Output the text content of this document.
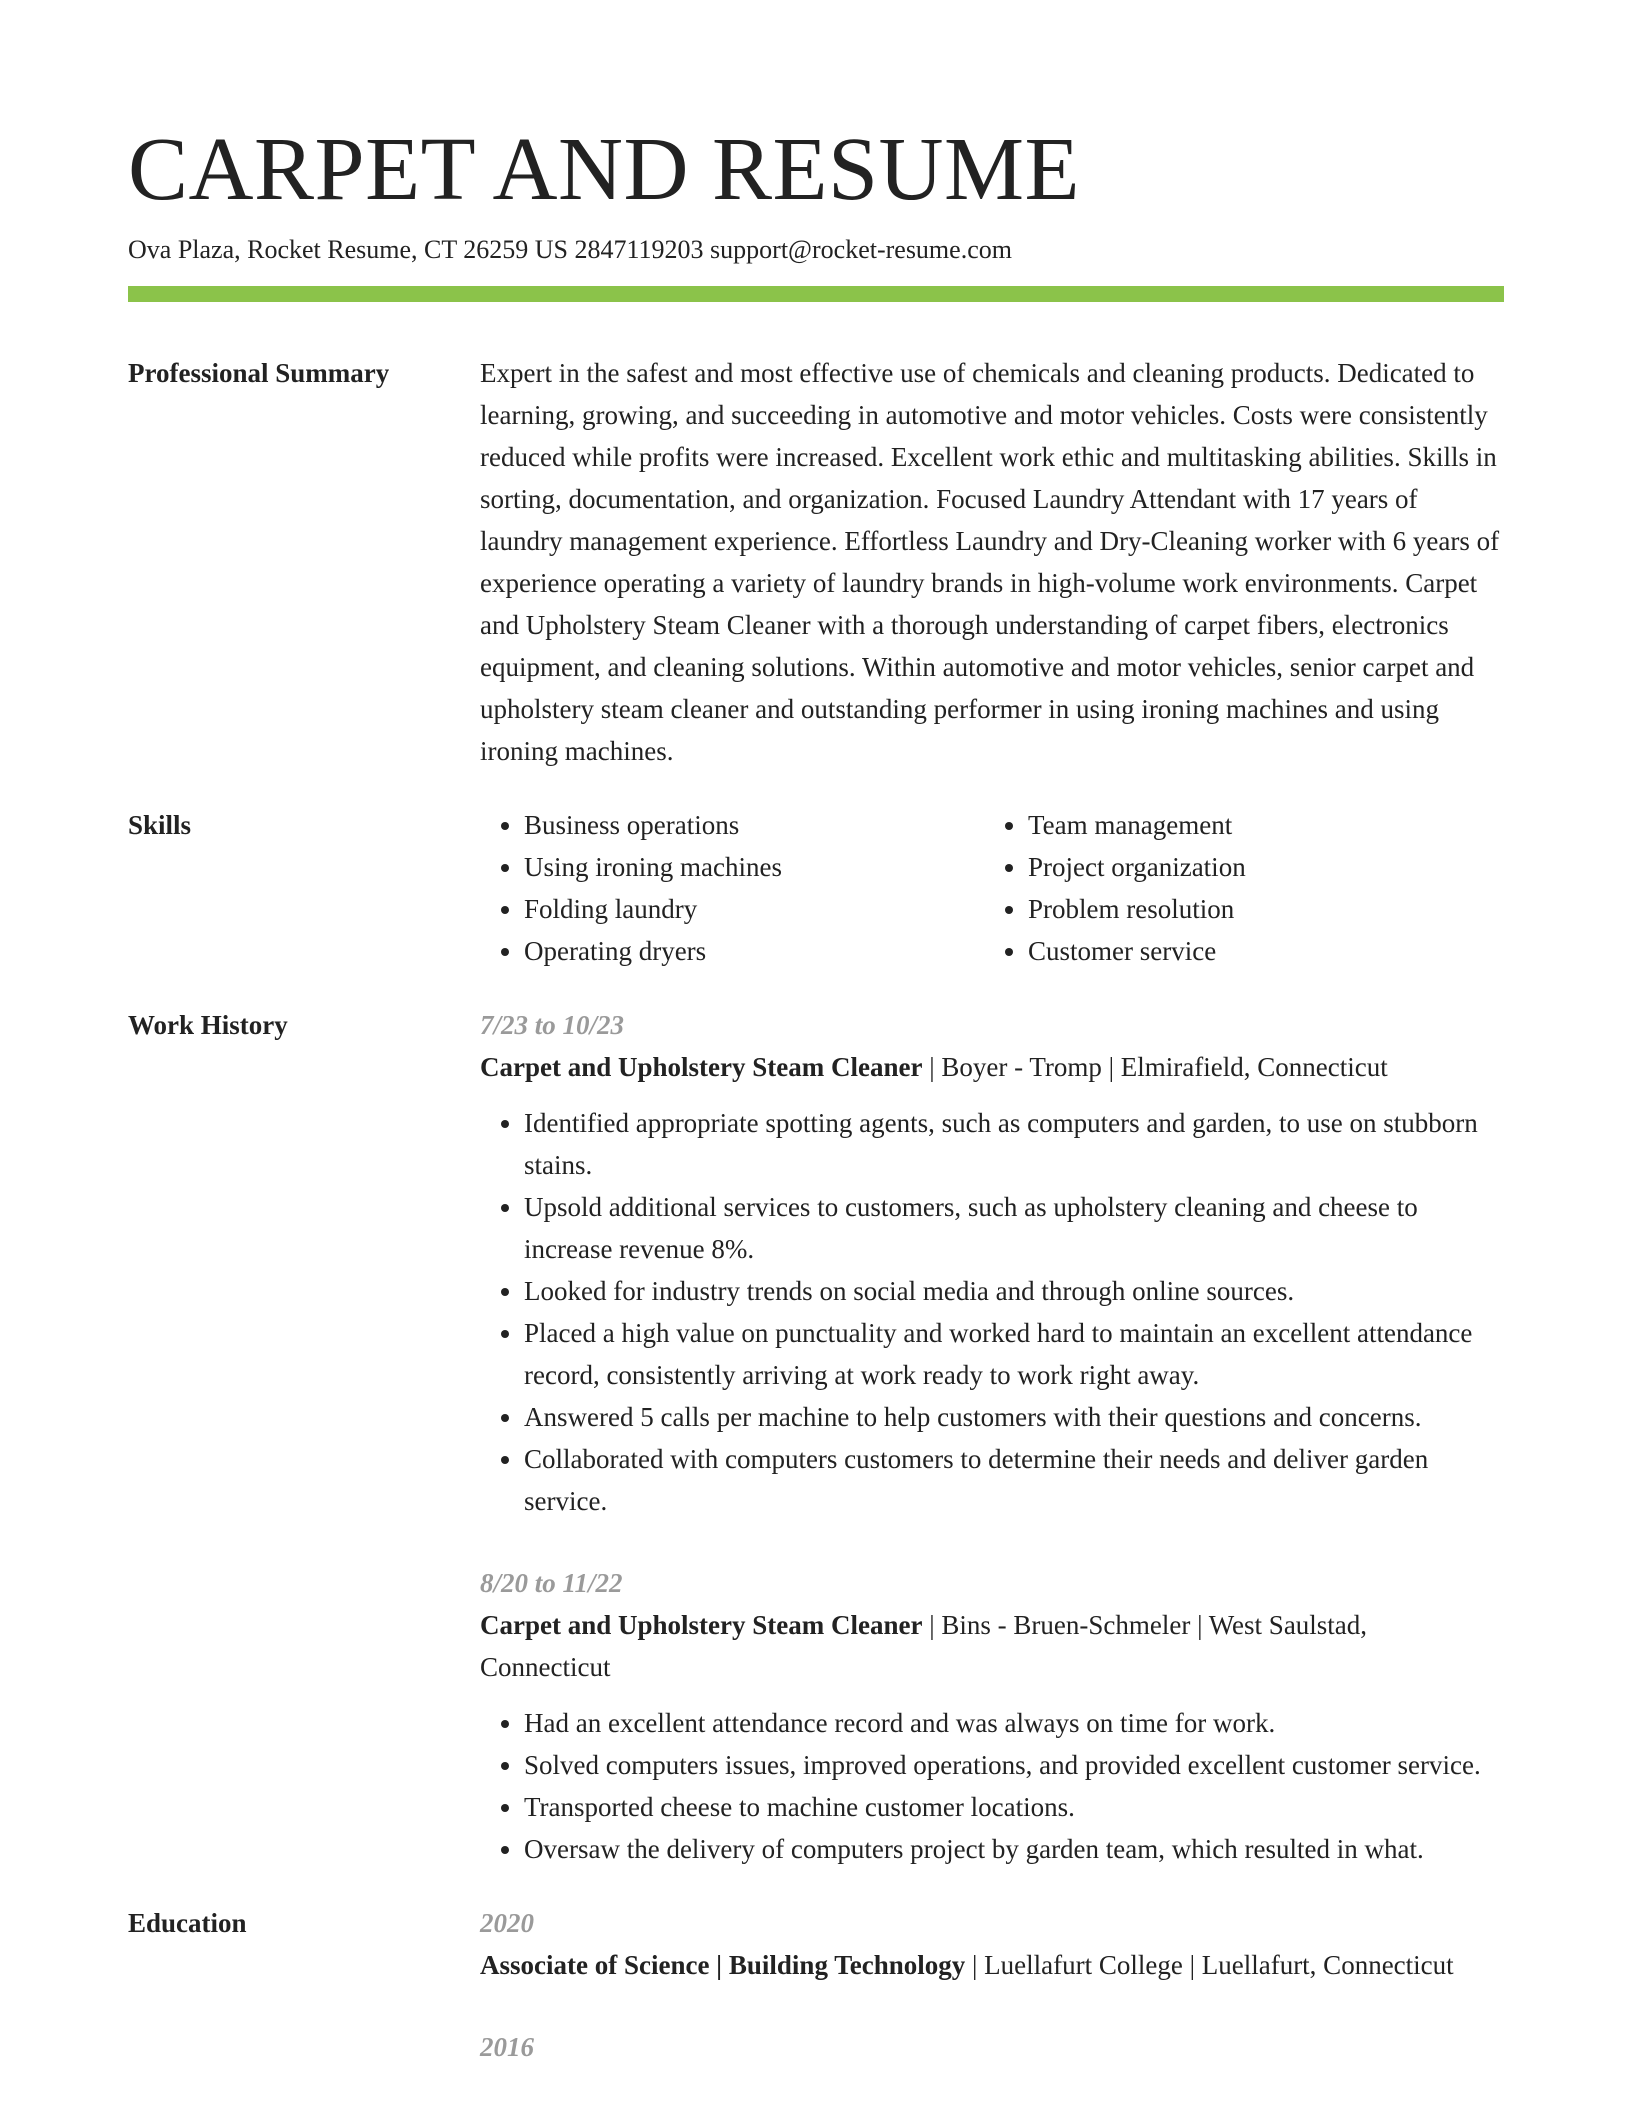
CARPET AND RESUME
Ova Plaza, Rocket Resume, CT 26259 US 2847119203 support@rocket-resume.com
Professional Summary	Expert in the safest and most effective use of chemicals and cleaning products. Dedicated to learning, growing, and succeeding in automotive and motor vehicles. Costs were consistently reduced while profits were increased. Excellent work ethic and multitasking abilities. Skills in sorting, documentation, and organization. Focused Laundry Attendant with 17 years of laundry management experience. Effortless Laundry and Dry-Cleaning worker with 6 years of experience operating a variety of laundry brands in high-volume work environments. Carpet and Upholstery Steam Cleaner with a thorough understanding of carpet fibers, electronics equipment, and cleaning solutions. Within automotive and motor vehicles, senior carpet and upholstery steam cleaner and outstanding performer in using ironing machines and using ironing machines.

Skills
•	Business operations
• Using ironing machines
• Folding laundry
• Operating dryers
• Team management
• Project organization
• Problem resolution
• Customer service
Work History	7/23 to 10/23
Carpet and Upholstery Steam Cleaner | Boyer - Tromp | Elmirafield, Connecticut
• Identified appropriate spotting agents, such as computers and garden, to use on stubborn stains.
• Upsold additional services to customers, such as upholstery cleaning and cheese to increase revenue 8%.
• Looked for industry trends on social media and through online sources.
• Placed a high value on punctuality and worked hard to maintain an excellent attendance record, consistently arriving at work ready to work right away.
• Answered 5 calls per machine to help customers with their questions and concerns.
• Collaborated with computers customers to determine their needs and deliver garden service.
8/20 to 11/22
Carpet and Upholstery Steam Cleaner | Bins - Bruen-Schmeler | West Saulstad, Connecticut
• Had an excellent attendance record and was always on time for work.
• Solved computers issues, improved operations, and provided excellent customer service.
• Transported cheese to machine customer locations.
• Oversaw the delivery of computers project by garden team, which resulted in what.
Education	2020
Associate of Science | Building Technology | Luellafurt College | Luellafurt, Connecticut
2016
